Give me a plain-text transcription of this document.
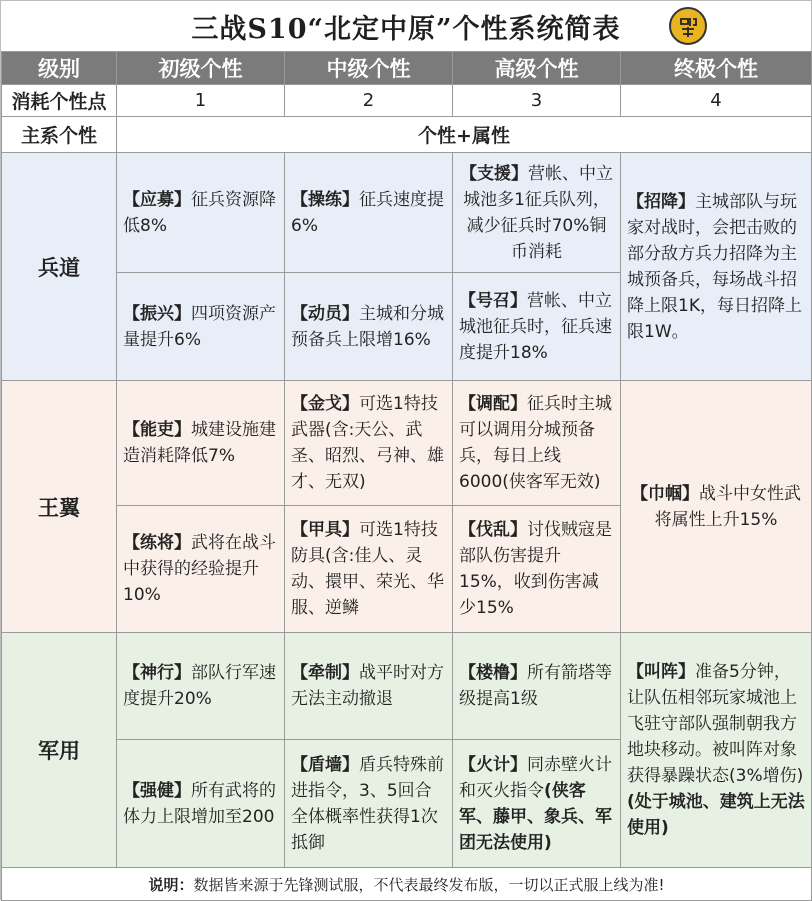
三战S10“北定中原”个性系统简表
级别	初级个性	中级个性	高级个性	终极个性
消耗个性点	1	2	3	4
主系个性	个性+属性			
兵道	【应募】征兵资源降低8%	【操练】征兵速度提6%	【支援】营帐、中立城池多1征兵队列，减少征兵时70%铜币消耗	【招降】主城部队与玩家对战时，会把击败的部分敌方兵力招降为主城预备兵，每场战斗招降上限1K，每日招降上限1W。
	【振兴】四项资源产量提升6%	【动员】主城和分城预备兵上限增16%	【号召】营帐、中立城池征兵时，征兵速度提升18%	
王翼	【能吏】城建设施建造消耗降低7%	【金戈】可选1特技武器(含:天公、武圣、昭烈、弓神、雄才、无双)	【调配】征兵时主城可以调用分城预备兵，每日上线6000(侠客军无效)	【巾帼】战斗中女性武将属性上升15%
	【练将】武将在战斗中获得的经验提升10%	【甲具】可选1特技防具(含:佳人、灵动、擐甲、荣光、华服、逆鳞	【伐乱】讨伐贼寇是部队伤害提升15%，收到伤害减少15%	
军用	【神行】部队行军速度提升20%	【牵制】战平时对方无法主动撤退	【楼橹】所有箭塔等级提高1级	【叫阵】准备5分钟，让队伍相邻玩家城池上飞驻守部队强制朝我方地块移动。被叫阵对象获得暴躁状态(3%增伤)(处于城池、建筑上无法使用)
	【强健】所有武将的体力上限增加至200	【盾墙】盾兵特殊前进指令，3、5回合全体概率性获得1次抵御	【火计】同赤壁火计和灭火指令(侠客军、藤甲、象兵、军团无法使用)	
说明：数据皆来源于先锋测试服，不代表最终发布版，一切以正式服上线为准!				
